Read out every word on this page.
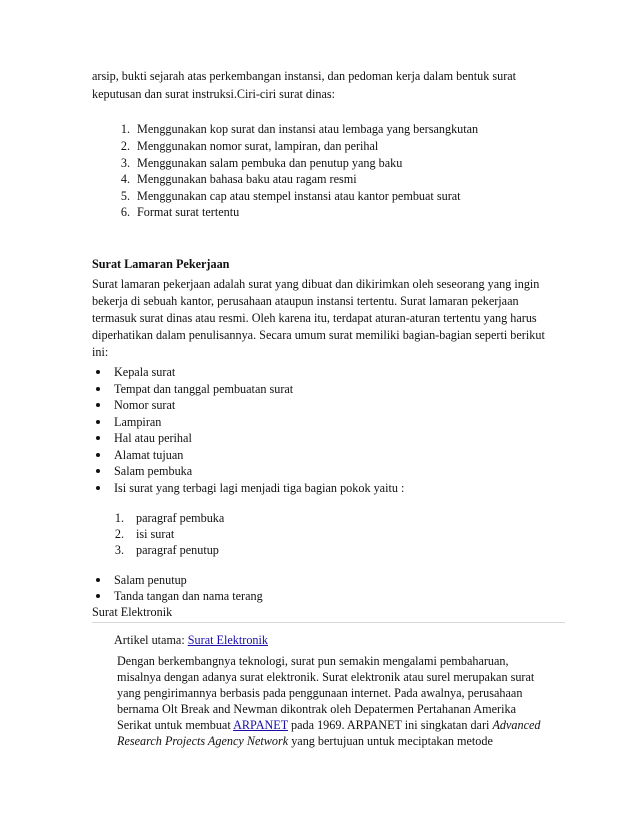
arsip, bukti sejarah atas perkembangan instansi, dan pedoman kerja dalam bentuk surat
keputusan dan surat instruksi.Ciri-ciri surat dinas:
1. Menggunakan kop surat dan instansi atau lembaga yang bersangkutan
2. Menggunakan nomor surat, lampiran, dan perihal
3. Menggunakan salam pembuka dan penutup yang baku
4. Menggunakan bahasa baku atau ragam resmi
5. Menggunakan cap atau stempel instansi atau kantor pembuat surat
6. Format surat tertentu
Surat Lamaran Pekerjaan
Surat lamaran pekerjaan adalah surat yang dibuat dan dikirimkan oleh seseorang yang ingin
bekerja di sebuah kantor, perusahaan ataupun instansi tertentu. Surat lamaran pekerjaan
termasuk surat dinas atau resmi. Oleh karena itu, terdapat aturan-aturan tertentu yang harus
diperhatikan dalam penulisannya. Secara umum surat memiliki bagian-bagian seperti berikut
ini:
Kepala surat
Tempat dan tanggal pembuatan surat
Nomor surat
Lampiran
Hal atau perihal
Alamat tujuan
Salam pembuka
Isi surat yang terbagi lagi menjadi tiga bagian pokok yaitu :
1. paragraf pembuka
2. isi surat
3. paragraf penutup
Salam penutup
Tanda tangan dan nama terang
Surat Elektronik
Artikel utama: Surat Elektronik
Dengan berkembangnya teknologi, surat pun semakin mengalami pembaharuan,
misalnya dengan adanya surat elektronik. Surat elektronik atau surel merupakan surat
yang pengirimannya berbasis pada penggunaan internet. Pada awalnya, perusahaan
bernama Olt Break and Newman dikontrak oleh Depatermen Pertahanan Amerika
Serikat untuk membuat ARPANET pada 1969. ARPANET ini singkatan dari Advanced
Research Projects Agency Network yang bertujuan untuk meciptakan metode
